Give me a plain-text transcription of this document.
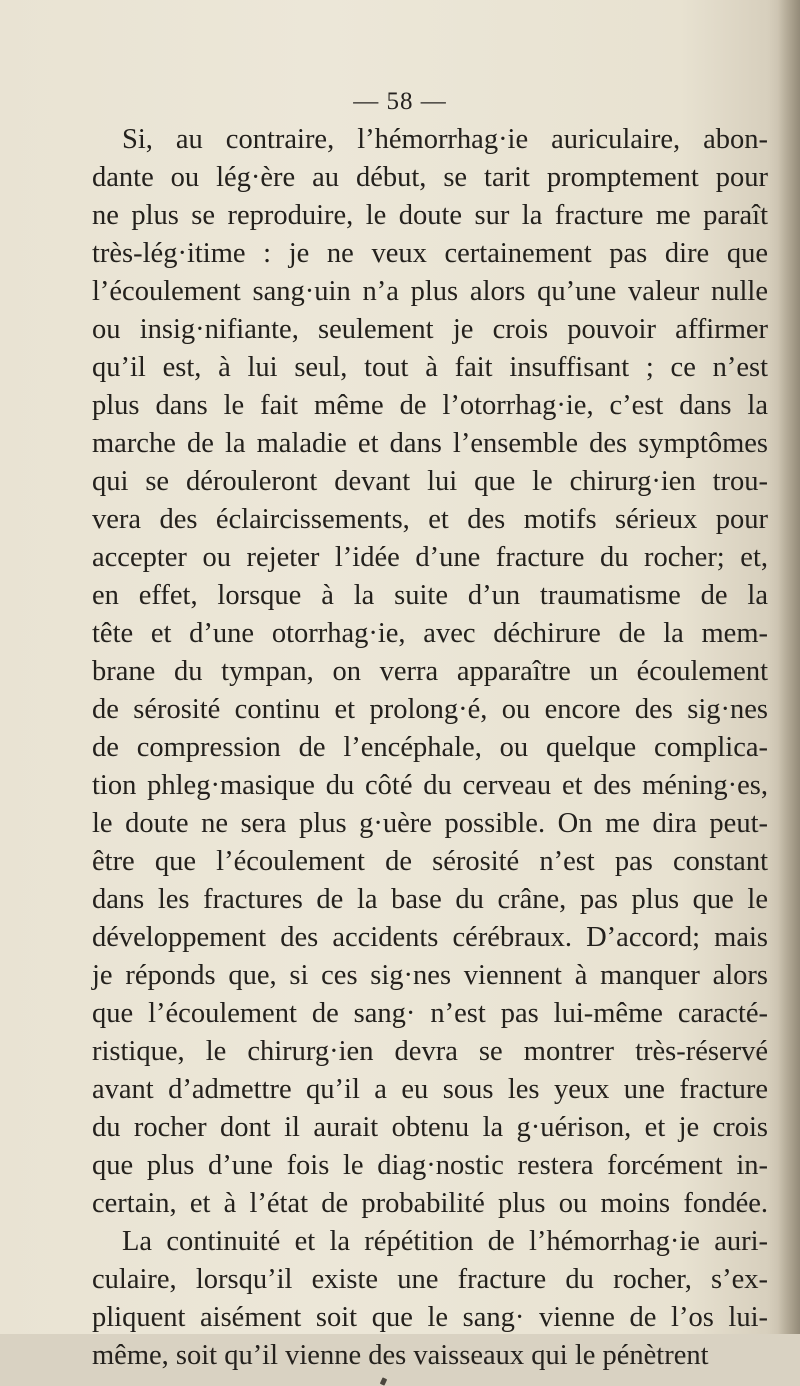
— 58 —
Si, au contraire, l’hémorrhag·ie auriculaire, abon-
dante ou lég·ère au début, se tarit promptement pour
ne plus se reproduire, le doute sur la fracture me paraît
très-lég·itime : je ne veux certainement pas dire que
l’écoulement sang·uin n’a plus alors qu’une valeur nulle
ou insig·nifiante, seulement je crois pouvoir affirmer
qu’il est, à lui seul, tout à fait insuffisant ; ce n’est
plus dans le fait même de l’otorrhag·ie, c’est dans la
marche de la maladie et dans l’ensemble des symptômes
qui se dérouleront devant lui que le chirurg·ien trou-
vera des éclaircissements, et des motifs sérieux pour
accepter ou rejeter l’idée d’une fracture du rocher; et,
en effet, lorsque à la suite d’un traumatisme de la
tête et d’une otorrhag·ie, avec déchirure de la mem-
brane du tympan, on verra apparaître un écoulement
de sérosité continu et prolong·é, ou encore des sig·nes
de compression de l’encéphale, ou quelque complica-
tion phleg·masique du côté du cerveau et des méning·es,
le doute ne sera plus g·uère possible. On me dira peut-
être que l’écoulement de sérosité n’est pas constant
dans les fractures de la base du crâne, pas plus que le
développement des accidents cérébraux. D’accord; mais
je réponds que, si ces sig·nes viennent à manquer alors
que l’écoulement de sang· n’est pas lui-même caracté-
ristique, le chirurg·ien devra se montrer très-réservé
avant d’admettre qu’il a eu sous les yeux une fracture
du rocher dont il aurait obtenu la g·uérison, et je crois
que plus d’une fois le diag·nostic restera forcément in-
certain, et à l’état de probabilité plus ou moins fondée.
La continuité et la répétition de l’hémorrhag·ie auri-
culaire, lorsqu’il existe une fracture du rocher, s’ex-
pliquent aisément soit que le sang· vienne de l’os lui-
même, soit qu’il vienne des vaisseaux qui le pénètrent
